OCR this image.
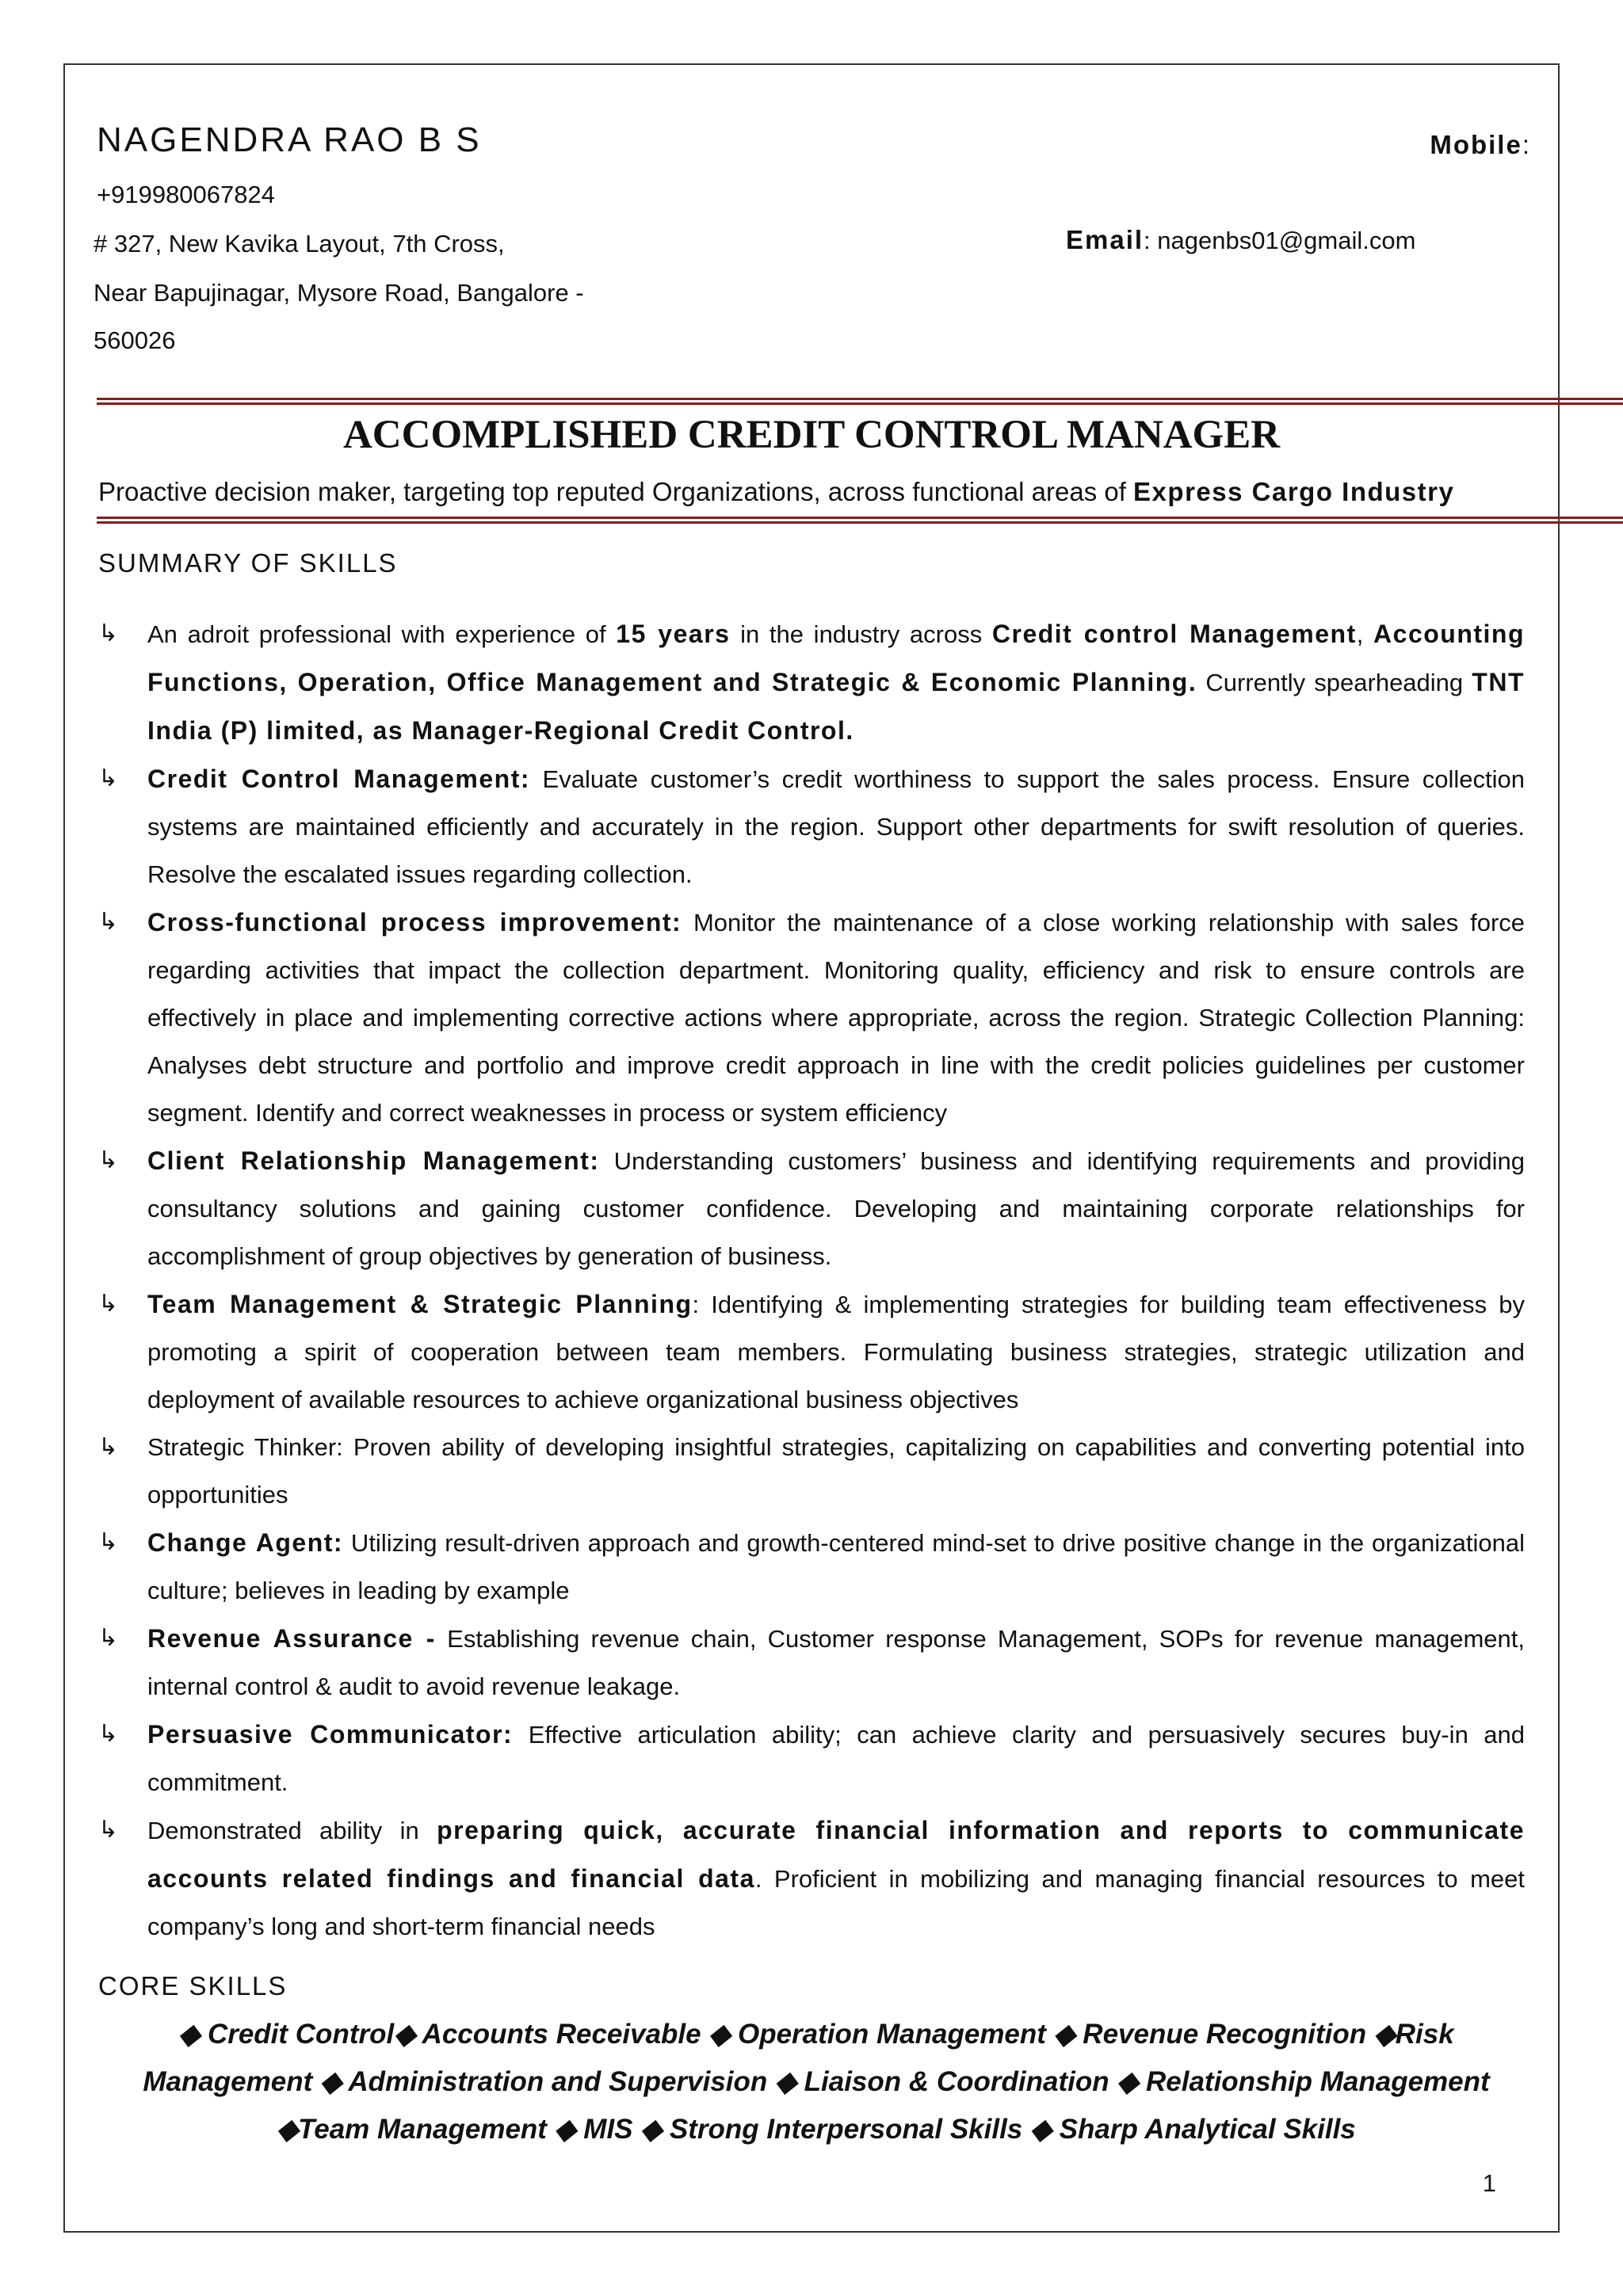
NAGENDRA RAO B S	Mobile:
+919980067824
# 327, New Kavika Layout, 7th Cross,	Email: nagenbs01@gmail.com
Near Bapujinagar, Mysore Road, Bangalore -
560026
ACCOMPLISHED CREDIT CONTROL MANAGER
Proactive decision maker, targeting top reputed Organizations, across functional areas of Express Cargo Industry
SUMMARY OF SKILLS
↳ An adroit professional with experience of 15 years in the industry across Credit control Management, Accounting Functions, Operation, Office Management and Strategic & Economic Planning. Currently spearheading TNT India (P) limited, as Manager-Regional Credit Control.
↳ Credit Control Management: Evaluate customer’s credit worthiness to support the sales process. Ensure collection systems are maintained efficiently and accurately in the region. Support other departments for swift resolution of queries. Resolve the escalated issues regarding collection.
↳ Cross-functional process improvement: Monitor the maintenance of a close working relationship with sales force regarding activities that impact the collection department. Monitoring quality, efficiency and risk to ensure controls are effectively in place and implementing corrective actions where appropriate, across the region. Strategic Collection Planning: Analyses debt structure and portfolio and improve credit approach in line with the credit policies guidelines per customer segment. Identify and correct weaknesses in process or system efficiency
↳ Client Relationship Management: Understanding customers’ business and identifying requirements and providing consultancy solutions and gaining customer confidence. Developing and maintaining corporate relationships for accomplishment of group objectives by generation of business.
↳ Team Management & Strategic Planning: Identifying & implementing strategies for building team effectiveness by promoting a spirit of cooperation between team members. Formulating business strategies, strategic utilization and deployment of available resources to achieve organizational business objectives
↳ Strategic Thinker: Proven ability of developing insightful strategies, capitalizing on capabilities and converting potential into opportunities
↳ Change Agent: Utilizing result-driven approach and growth-centered mind-set to drive positive change in the organizational culture; believes in leading by example
↳ Revenue Assurance - Establishing revenue chain, Customer response Management, SOPs for revenue management, internal control & audit to avoid revenue leakage.
↳ Persuasive Communicator: Effective articulation ability; can achieve clarity and persuasively secures buy-in and commitment.
↳ Demonstrated ability in preparing quick, accurate financial information and reports to communicate accounts related findings and financial data. Proficient in mobilizing and managing financial resources to meet company’s long and short-term financial needs
CORE SKILLS
◆ Credit Control◆ Accounts Receivable ◆ Operation Management ◆ Revenue Recognition ◆Risk Management ◆ Administration and Supervision ◆ Liaison & Coordination ◆ Relationship Management ◆Team Management ◆ MIS ◆ Strong Interpersonal Skills ◆ Sharp Analytical Skills
1
